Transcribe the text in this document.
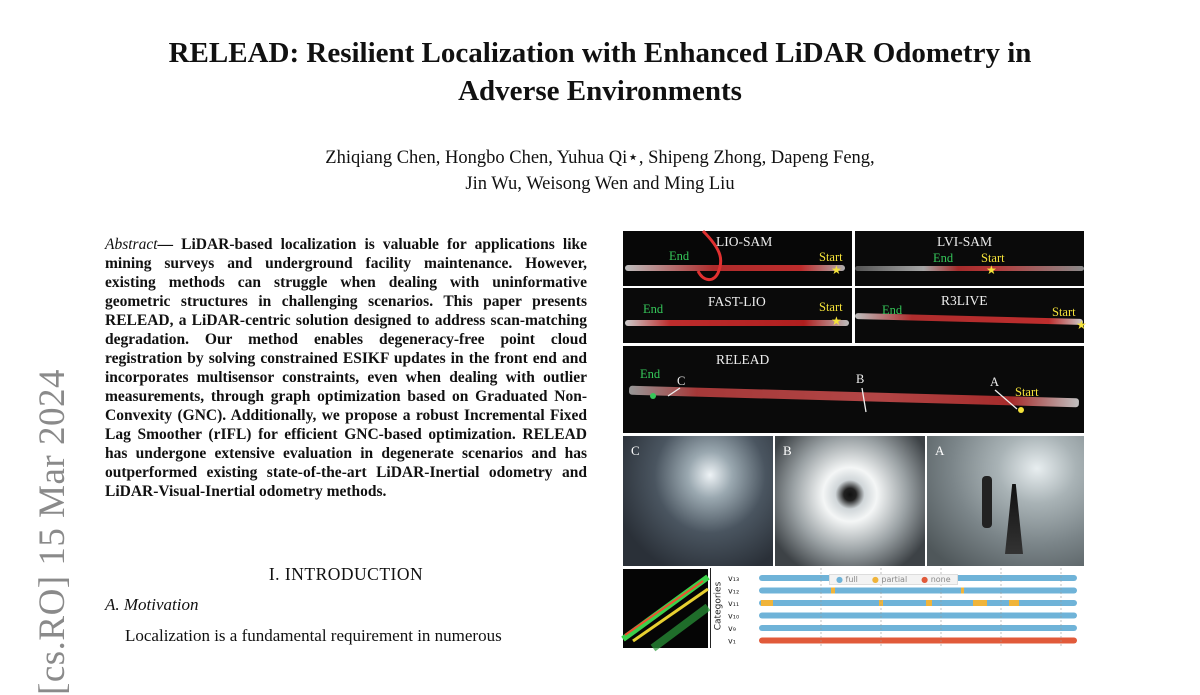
RELEAD: Resilient Localization with Enhanced LiDAR Odometry in
Adverse Environments
Zhiqiang Chen, Hongbo Chen, Yuhua Qi⋆, Shipeng Zhong, Dapeng Feng,
Jin Wu, Weisong Wen and Ming Liu
[cs.RO] 15 Mar 2024
Abstract— LiDAR-based localization is valuable for applications like mining surveys and underground facility maintenance. However, existing methods can struggle when dealing with uninformative geometric structures in challenging scenarios. This paper presents RELEAD, a LiDAR-centric solution designed to address scan-matching degradation. Our method enables degeneracy-free point cloud registration by solving constrained ESIKF updates in the front end and incorporates multisensor constraints, even when dealing with outlier measurements, through graph optimization based on Graduated Non-Convexity (GNC). Additionally, we propose a robust Incremental Fixed Lag Smoother (rIFL) for efficient GNC-based optimization. RELEAD has undergone extensive evaluation in degenerate scenarios and has outperformed existing state-of-the-art LiDAR-Inertial odometry and LiDAR-Visual-Inertial odometry methods.
I. INTRODUCTION
A. Motivation
Localization is a fundamental requirement in numerous
LIO-SAM
End	Start
★
LVI-SAM
End Start
★
FAST-LIO
End	Start
★
R3LIVE
End	Start
★
RELEAD
End C	B	A
Start
C	B	A
Categories
● full ● partial ● none
v₁₃
v₁₂
v₁₁
v₁₀
v₉
v₁
